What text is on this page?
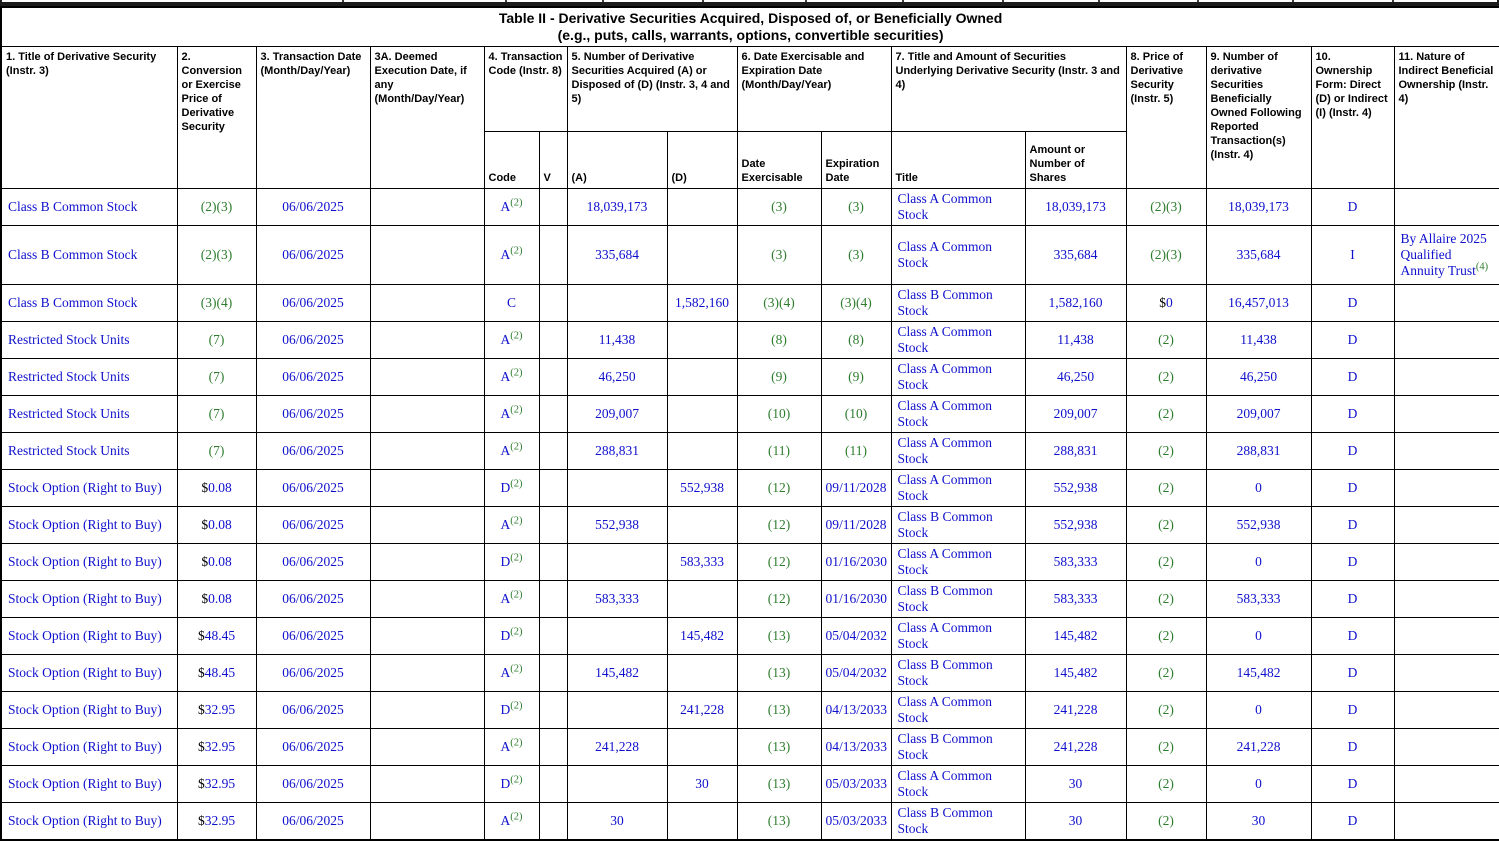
Table II - Derivative Securities Acquired, Disposed of, or Beneficially Owned
(e.g., puts, calls, warrants, options, convertible securities)															

1. Title of Derivative Security (Instr. 3)	2. Conversion or Exercise Price of Derivative Security	3. Transaction Date (Month/Day/Year)	3A. Deemed Execution Date, if any (Month/Day/Year)	4. Transaction Code (Instr. 8)		5. Number of Derivative Securities Acquired (A) or Disposed of (D) (Instr. 3, 4 and 5)		6. Date Exercisable and Expiration Date (Month/Day/Year)		7. Title and Amount of Securities Underlying Derivative Security (Instr. 3 and 4)		8. Price of Derivative Security (Instr. 5)	9. Number of derivative Securities Beneficially Owned Following Reported Transaction(s) (Instr. 4)	10. Ownership Form: Direct (D) or Indirect (I) (Instr. 4)	11. Nature of Indirect Beneficial Ownership (Instr. 4)
				Code	V	(A)	(D)	Date Exercisable	Expiration Date	Title	Amount or Number of Shares				
Class B Common Stock	(2)(3)	06/06/2025		A$^{(2)}$		18,039,173		(3)	(3)	Class A Common Stock	18,039,173	(2)(3)	18,039,173	D	
Class B Common Stock	(2)(3)	06/06/2025		A$^{(2)}$		335,684		(3)	(3)	Class A Common Stock	335,684	(2)(3)	335,684	I	By Allaire 2025 Qualified Annuity Trust$^{(4)}$
Class B Common Stock	(3)(4)	06/06/2025		C			1,582,160	(3)(4)	(3)(4)	Class B Common Stock	1,582,160	$0	16,457,013	D	
Restricted Stock Units	(7)	06/06/2025		A$^{(2)}$		11,438		(8)	(8)	Class A Common Stock	11,438	(2)	11,438	D	
Restricted Stock Units	(7)	06/06/2025		A$^{(2)}$		46,250		(9)	(9)	Class A Common Stock	46,250	(2)	46,250	D	
Restricted Stock Units	(7)	06/06/2025		A$^{(2)}$		209,007		(10)	(10)	Class A Common Stock	209,007	(2)	209,007	D	
Restricted Stock Units	(7)	06/06/2025		A$^{(2)}$		288,831		(11)	(11)	Class A Common Stock	288,831	(2)	288,831	D	
Stock Option (Right to Buy)	$0.08	06/06/2025		D$^{(2)}$			552,938	(12)	09/11/2028	Class A Common Stock	552,938	(2)	0	D	
Stock Option (Right to Buy)	$0.08	06/06/2025		A$^{(2)}$		552,938		(12)	09/11/2028	Class B Common Stock	552,938	(2)	552,938	D	
Stock Option (Right to Buy)	$0.08	06/06/2025		D$^{(2)}$			583,333	(12)	01/16/2030	Class A Common Stock	583,333	(2)	0	D	
Stock Option (Right to Buy)	$0.08	06/06/2025		A$^{(2)}$		583,333		(12)	01/16/2030	Class B Common Stock	583,333	(2)	583,333	D	
Stock Option (Right to Buy)	$48.45	06/06/2025		D$^{(2)}$			145,482	(13)	05/04/2032	Class A Common Stock	145,482	(2)	0	D	
Stock Option (Right to Buy)	$48.45	06/06/2025		A$^{(2)}$		145,482		(13)	05/04/2032	Class B Common Stock	145,482	(2)	145,482	D	
Stock Option (Right to Buy)	$32.95	06/06/2025		D$^{(2)}$			241,228	(13)	04/13/2033	Class A Common Stock	241,228	(2)	0	D	
Stock Option (Right to Buy)	$32.95	06/06/2025		A$^{(2)}$		241,228		(13)	04/13/2033	Class B Common Stock	241,228	(2)	241,228	D	
Stock Option (Right to Buy)	$32.95	06/06/2025		D$^{(2)}$			30	(13)	05/03/2033	Class A Common Stock	30	(2)	0	D	
Stock Option (Right to Buy)	$32.95	06/06/2025		A$^{(2)}$		30		(13)	05/03/2033	Class B Common Stock	30	(2)	30	D	
